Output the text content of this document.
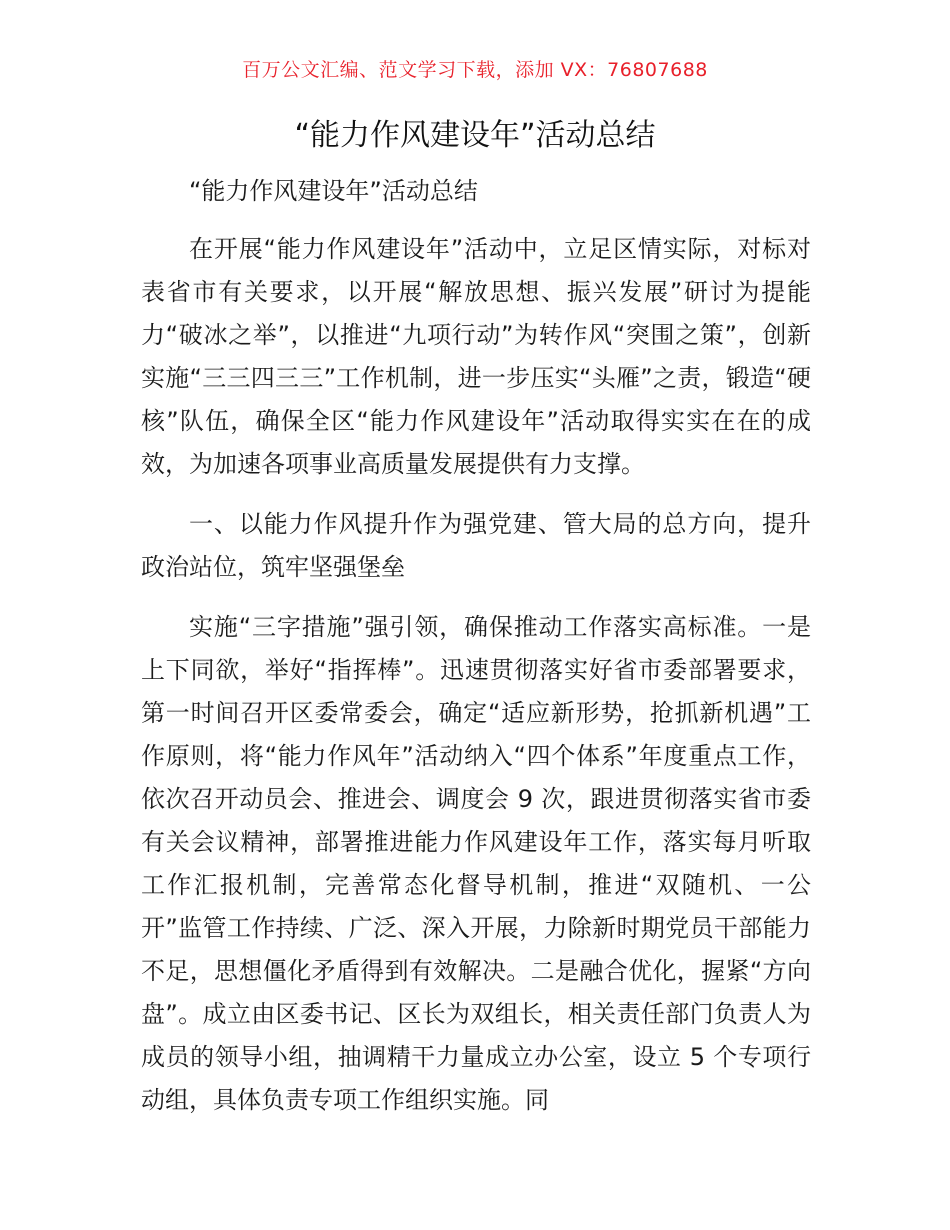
百万公文汇编、范文学习下载，添加 VX：76807688
“能力作风建设年”活动总结

“能力作风建设年”活动总结

在开展“能力作风建设年”活动中，立足区情实际，对标对表省市有关要求，以开展“解放思想、振兴发展”研讨为提能力“破冰之举”，以推进“九项行动”为转作风“突围之策”，创新实施“三三四三三”工作机制，进一步压实“头雁”之责，锻造“硬核”队伍，确保全区“能力作风建设年”活动取得实实在在的成效，为加速各项事业高质量发展提供有力支撑。

一、以能力作风提升作为强党建、管大局的总方向，提升政治站位，筑牢坚强堡垒

实施“三字措施”强引领，确保推动工作落实高标准。一是上下同欲，举好“指挥棒”。迅速贯彻落实好省市委部署要求，第一时间召开区委常委会，确定“适应新形势，抢抓新机遇”工作原则，将“能力作风年”活动纳入“四个体系”年度重点工作，依次召开动员会、推进会、调度会 9 次，跟进贯彻落实省市委有关会议精神，部署推进能力作风建设年工作，落实每月听取工作汇报机制，完善常态化督导机制，推进“双随机、一公开”监管工作持续、广泛、深入开展，力除新时期党员干部能力不足，思想僵化矛盾得到有效解决。二是融合优化，握紧“方向盘”。成立由区委书记、区长为双组长，相关责任部门负责人为成员的领导小组，抽调精干力量成立办公室，设立 5 个专项行动组，具体负责专项工作组织实施。同
